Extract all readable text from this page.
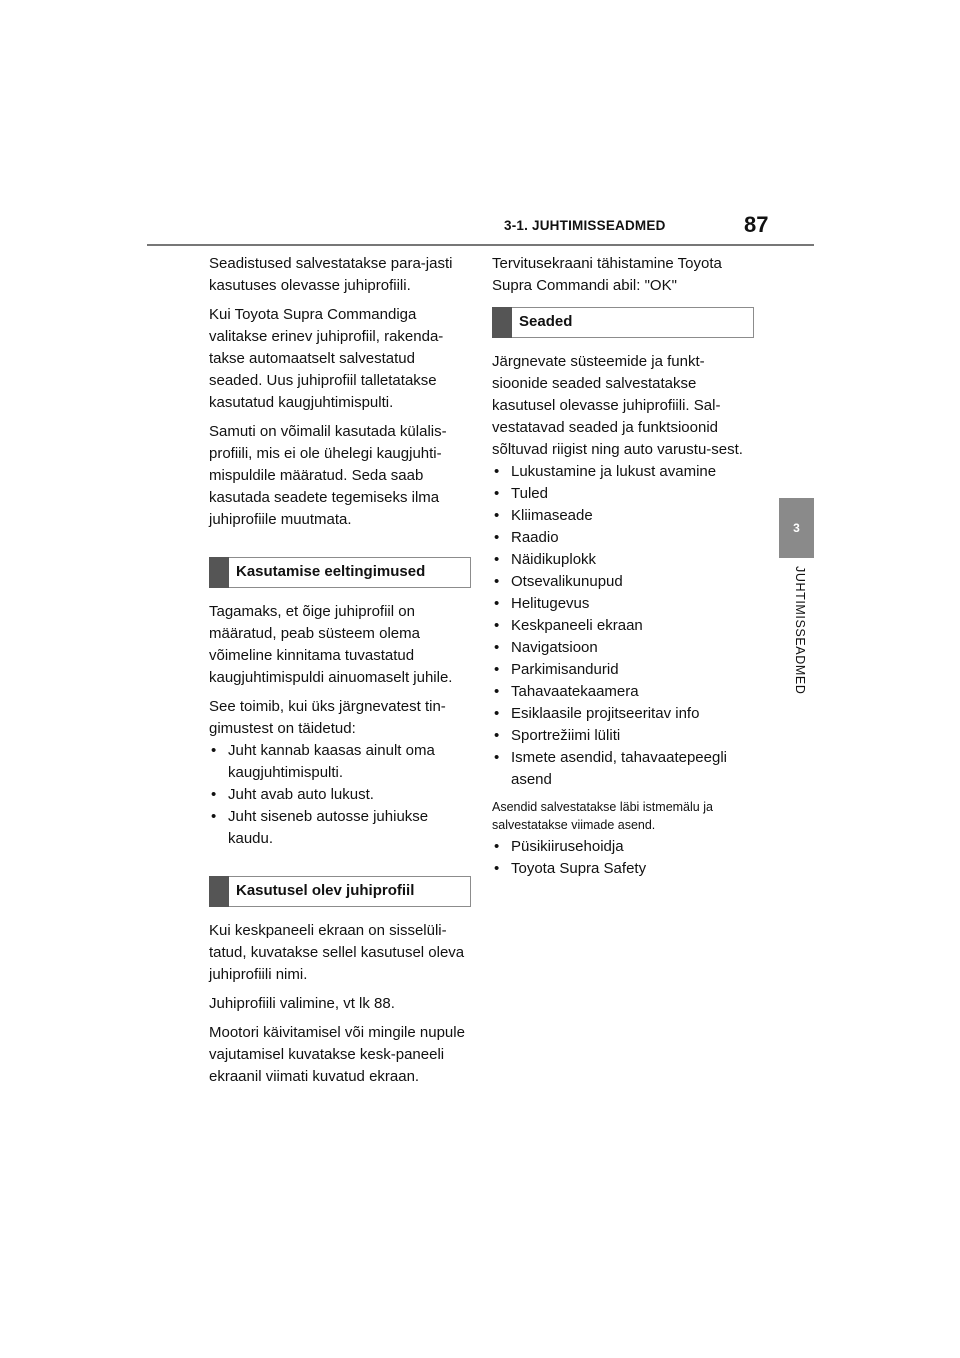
3-1. JUHTIMISSEADMED	87
3
JUHTIMISSEADMED

Seadistused salvestatakse para-jasti kasutuses olevasse juhiprofiili.

Kui Toyota Supra Commandiga valitakse erinev juhiprofiil, rakenda-takse automaatselt salvestatud seaded. Uus juhiprofiil talletatakse kasutatud kaugjuhtimispulti.

Samuti on võimalil kasutada külalis-profiili, mis ei ole ühelegi kaugjuhti-mispuldile määratud. Seda saab kasutada seadete tegemiseks ilma juhiprofiile muutmata.

Kasutamise eeltingimused

Tagamaks, et õige juhiprofiil on määratud, peab süsteem olema võimeline kinnitama tuvastatud kaugjuhtimispuldi ainuomaselt juhile.

See toimib, kui üks järgnevatest tin-gimustest on täidetud:

• Juht kannab kaasas ainult oma kaugjuhtimispulti.
• Juht avab auto lukust.
• Juht siseneb autosse juhiukse kaudu.
Kasutusel olev juhiprofiil

Kui keskpaneeli ekraan on sisselüli-tatud, kuvatakse sellel kasutusel oleva juhiprofiili nimi.

Juhiprofiili valimine, vt lk 88.

Mootori käivitamisel või mingile nupule vajutamisel kuvatakse kesk-paneeli ekraanil viimati kuvatud ekraan.

Tervitusekraani tähistamine Toyota Supra Commandi abil: "OK"

Seaded

Järgnevate süsteemide ja funkt-sioonide seaded salvestatakse kasutusel olevasse juhiprofiili. Sal-vestatavad seaded ja funktsioonid sõltuvad riigist ning auto varustu-sest.

• Lukustamine ja lukust avamine
• Tuled
• Kliimaseade
• Raadio
• Näidikuplokk
• Otsevalikunupud
• Helitugevus
• Keskpaneeli ekraan
• Navigatsioon
• Parkimisandurid
• Tahavaatekaamera
• Esiklaasile projitseeritav info
• Sportrežiimi lüliti
• Ismete asendid, tahavaatepeegli asend

Asendid salvestatakse läbi istmemälu ja salvestatakse viimade asend.

• Püsikiirusehoidja
• Toyota Supra Safety
